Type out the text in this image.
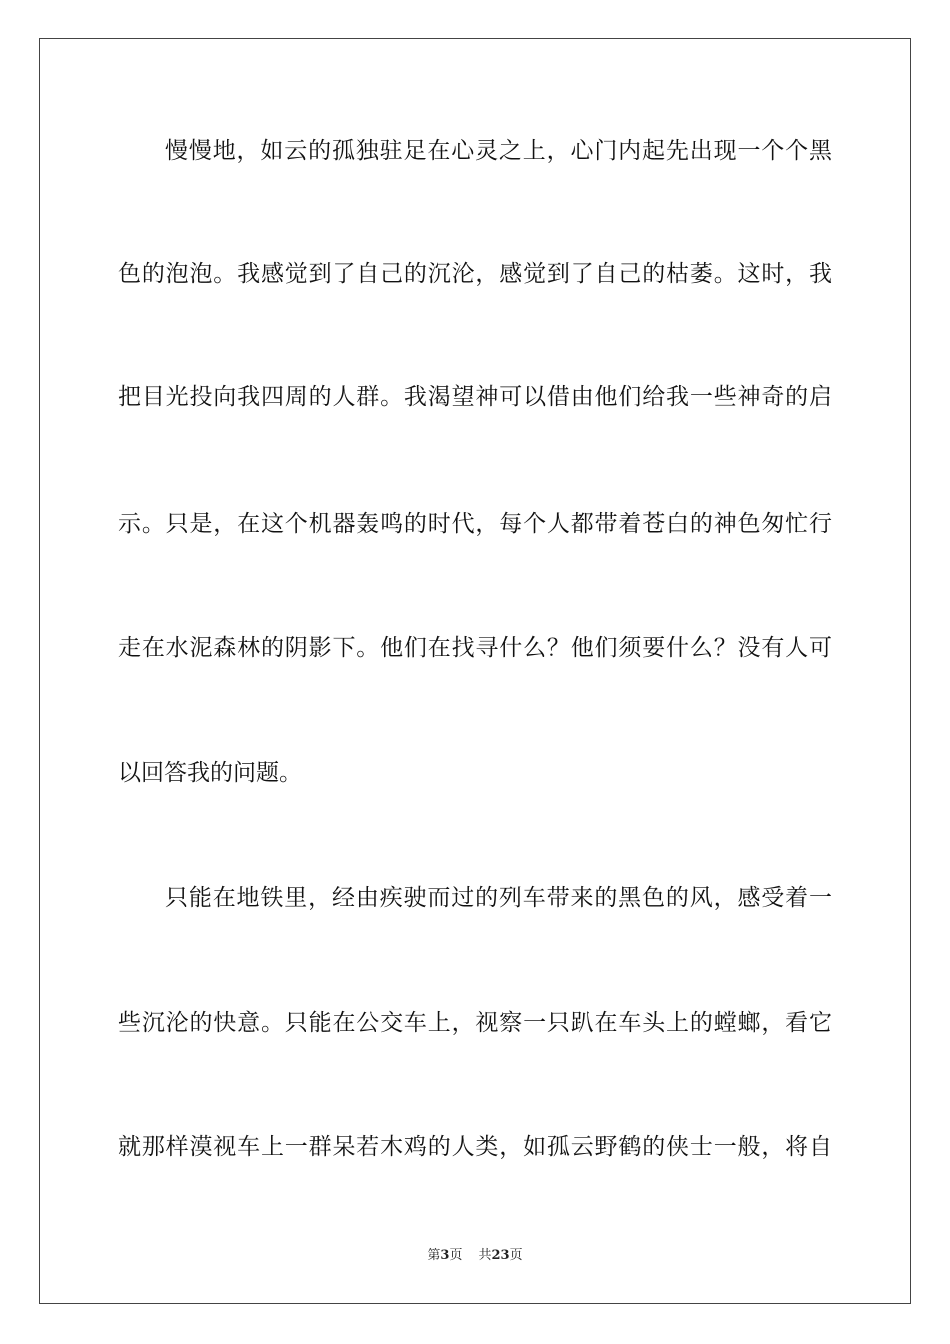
慢慢地，如云的孤独驻足在心灵之上，心门内起先出现一个个黑
色的泡泡。我感觉到了自己的沉沦，感觉到了自己的枯萎。这时，我
把目光投向我四周的人群。我渴望神可以借由他们给我一些神奇的启
示。只是，在这个机器轰鸣的时代，每个人都带着苍白的神色匆忙行
走在水泥森林的阴影下。他们在找寻什么？他们须要什么？没有人可
以回答我的问题。
只能在地铁里，经由疾驶而过的列车带来的黑色的风，感受着一
些沉沦的快意。只能在公交车上，视察一只趴在车头上的螳螂，看它
就那样漠视车上一群呆若木鸡的人类，如孤云野鹤的侠士一般，将自
第3页 共23页
